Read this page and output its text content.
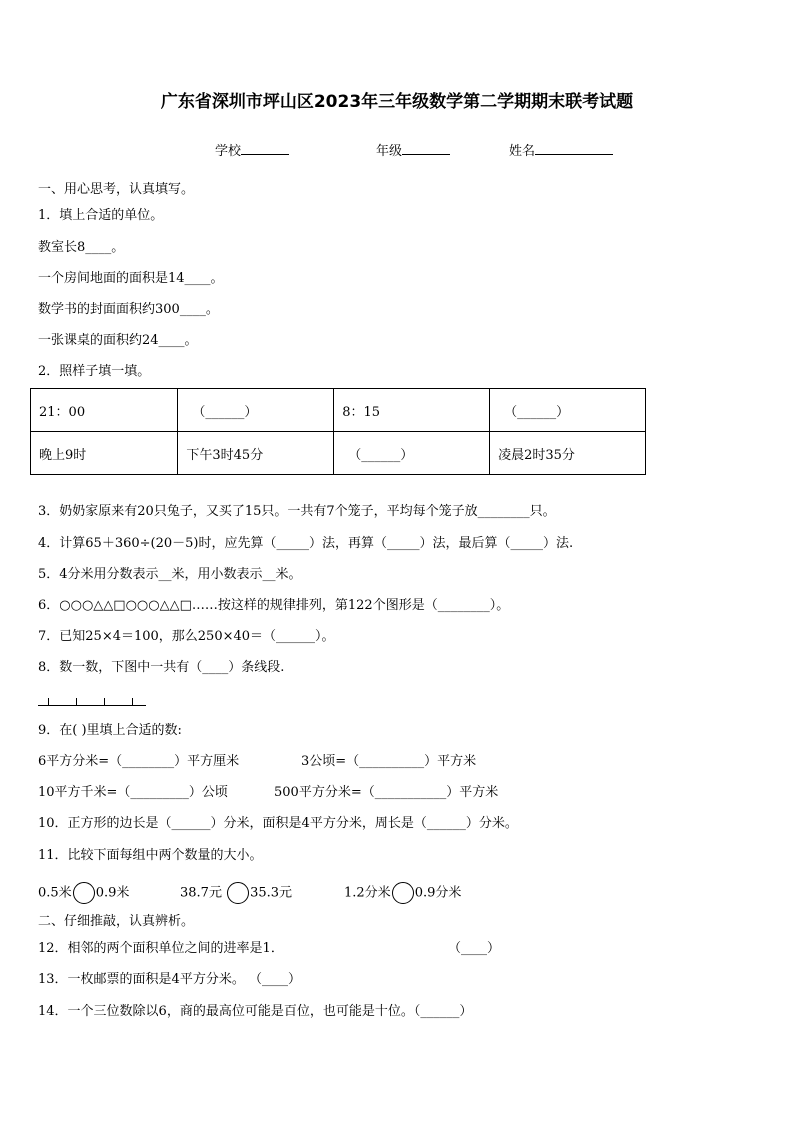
广东省深圳市坪山区2023年三年级数学第二学期期末联考试题
学校	年级	姓名
一、用心思考，认真填写。
1．填上合适的单位。
教室长8____。
一个房间地面的面积是14____。
数学书的封面面积约300____。
一张课桌的面积约24____。
2．照样子填一填。
21：00	（______）	8：15	（______）
晚上9时	下午3时45分	（______）	凌晨2时35分
3．奶奶家原来有20只兔子，又买了15只。一共有7个笼子，平均每个笼子放________只。
4．计算65＋360÷(20－5)时，应先算（_____）法，再算（_____）法，最后算（_____）法.
5．4分米用分数表示__米，用小数表示__米。
6．○○○△△□○○○△△□……按这样的规律排列，第122个图形是（________）。
7．已知25×4＝100，那么250×40＝（______）。
8．数一数，下图中一共有（____）条线段.
9．在( )里填上合适的数:
6平方分米=（________）平方厘米	3公顷=（__________）平方米
10平方千米=（_________）公顷	500平方分米=（___________）平方米
10．正方形的边长是（______）分米，面积是4平方分米，周长是（______）分米。
11．比较下面每组中两个数量的大小。
0.5米 0.9米	38.7元 35.3元	1.2分米 0.9分米
二、仔细推敲，认真辨析。
12．相邻的两个面积单位之间的进率是1．	（____）
13．一枚邮票的面积是4平方分米。 （____）
14．一个三位数除以6，商的最高位可能是百位，也可能是十位。（______）
